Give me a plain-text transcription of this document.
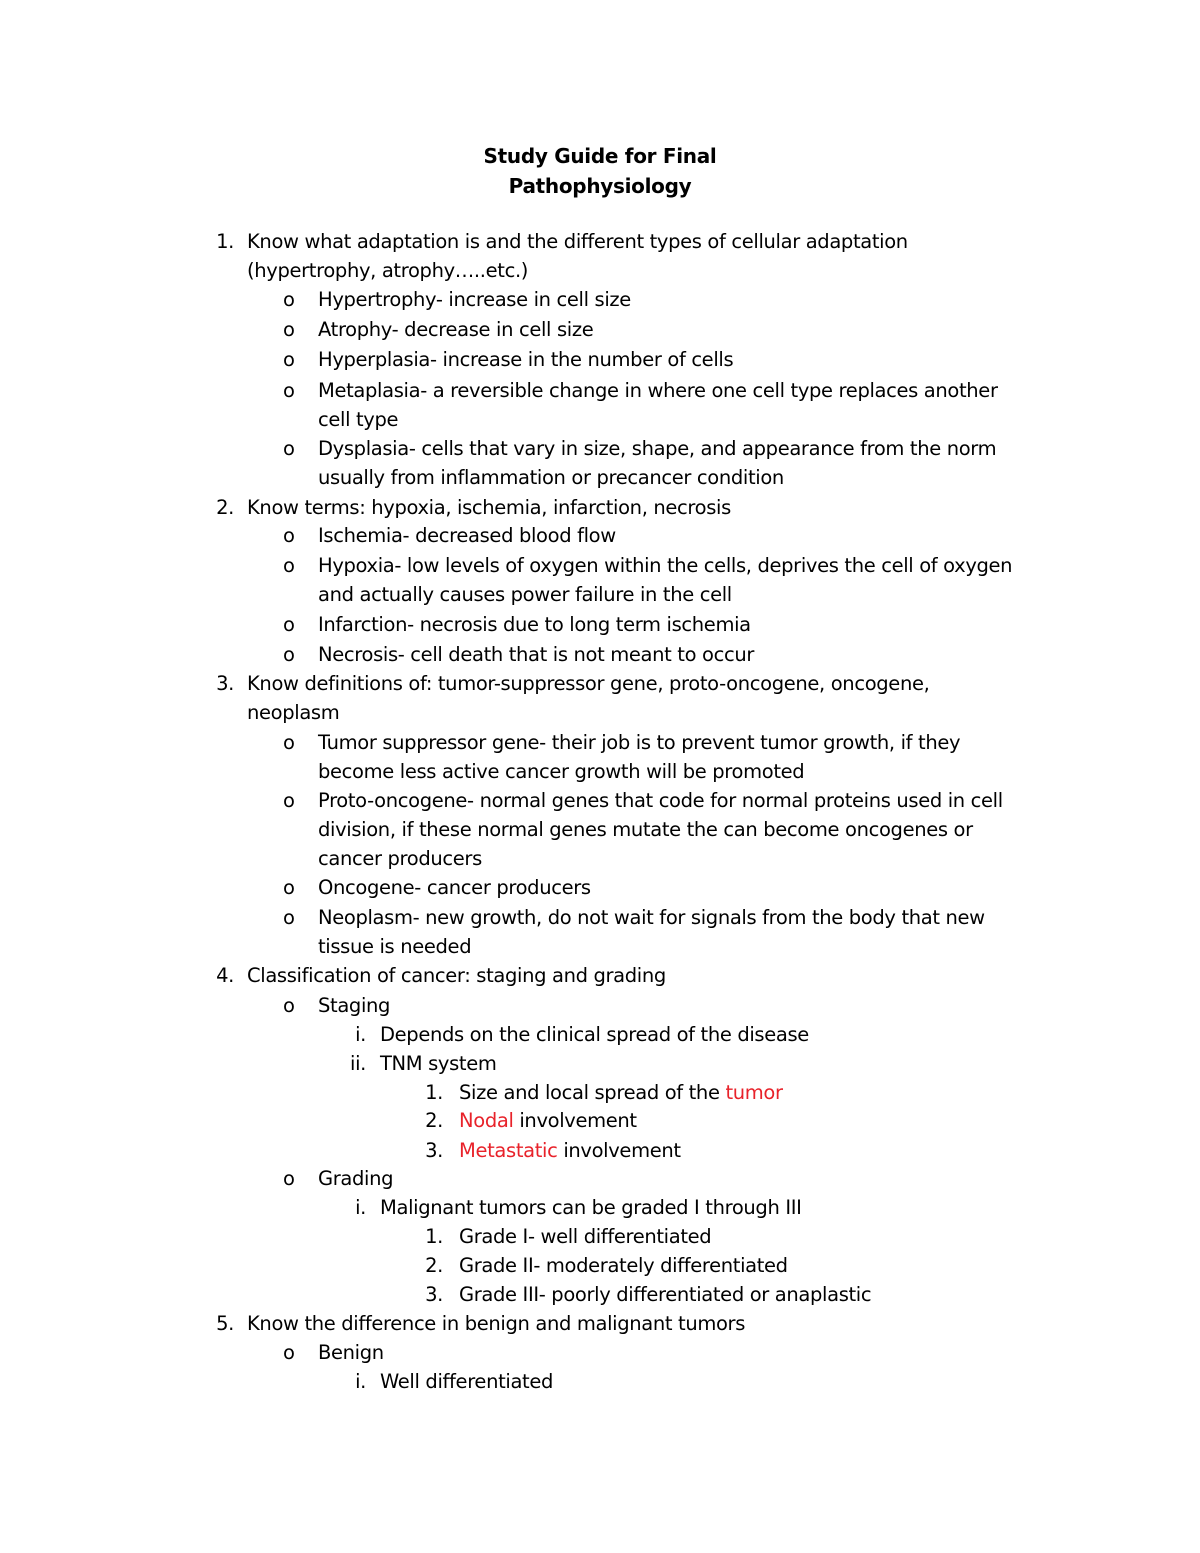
Study Guide for Final
Pathophysiology
1. Know what adaptation is and the different types of cellular adaptation
(hypertrophy, atrophy…..etc.)
o Hypertrophy- increase in cell size
o Atrophy- decrease in cell size
o Hyperplasia- increase in the number of cells
o Metaplasia- a reversible change in where one cell type replaces another
cell type
o Dysplasia- cells that vary in size, shape, and appearance from the norm
usually from inflammation or precancer condition
2. Know terms: hypoxia, ischemia, infarction, necrosis
o Ischemia- decreased blood flow
o Hypoxia- low levels of oxygen within the cells, deprives the cell of oxygen
and actually causes power failure in the cell
o Infarction- necrosis due to long term ischemia
o Necrosis- cell death that is not meant to occur
3. Know definitions of: tumor-suppressor gene, proto-oncogene, oncogene,
neoplasm
o Tumor suppressor gene- their job is to prevent tumor growth, if they
become less active cancer growth will be promoted
o Proto-oncogene- normal genes that code for normal proteins used in cell
division, if these normal genes mutate the can become oncogenes or
cancer producers
o Oncogene- cancer producers
o Neoplasm- new growth, do not wait for signals from the body that new
tissue is needed
4. Classification of cancer: staging and grading
o Staging
i. Depends on the clinical spread of the disease
ii. TNM system
1. Size and local spread of the tumor
2. Nodal involvement
3. Metastatic involvement
o Grading
i. Malignant tumors can be graded I through III
1. Grade I- well differentiated
2. Grade II- moderately differentiated
3. Grade III- poorly differentiated or anaplastic
5. Know the difference in benign and malignant tumors
o Benign
i. Well differentiated
